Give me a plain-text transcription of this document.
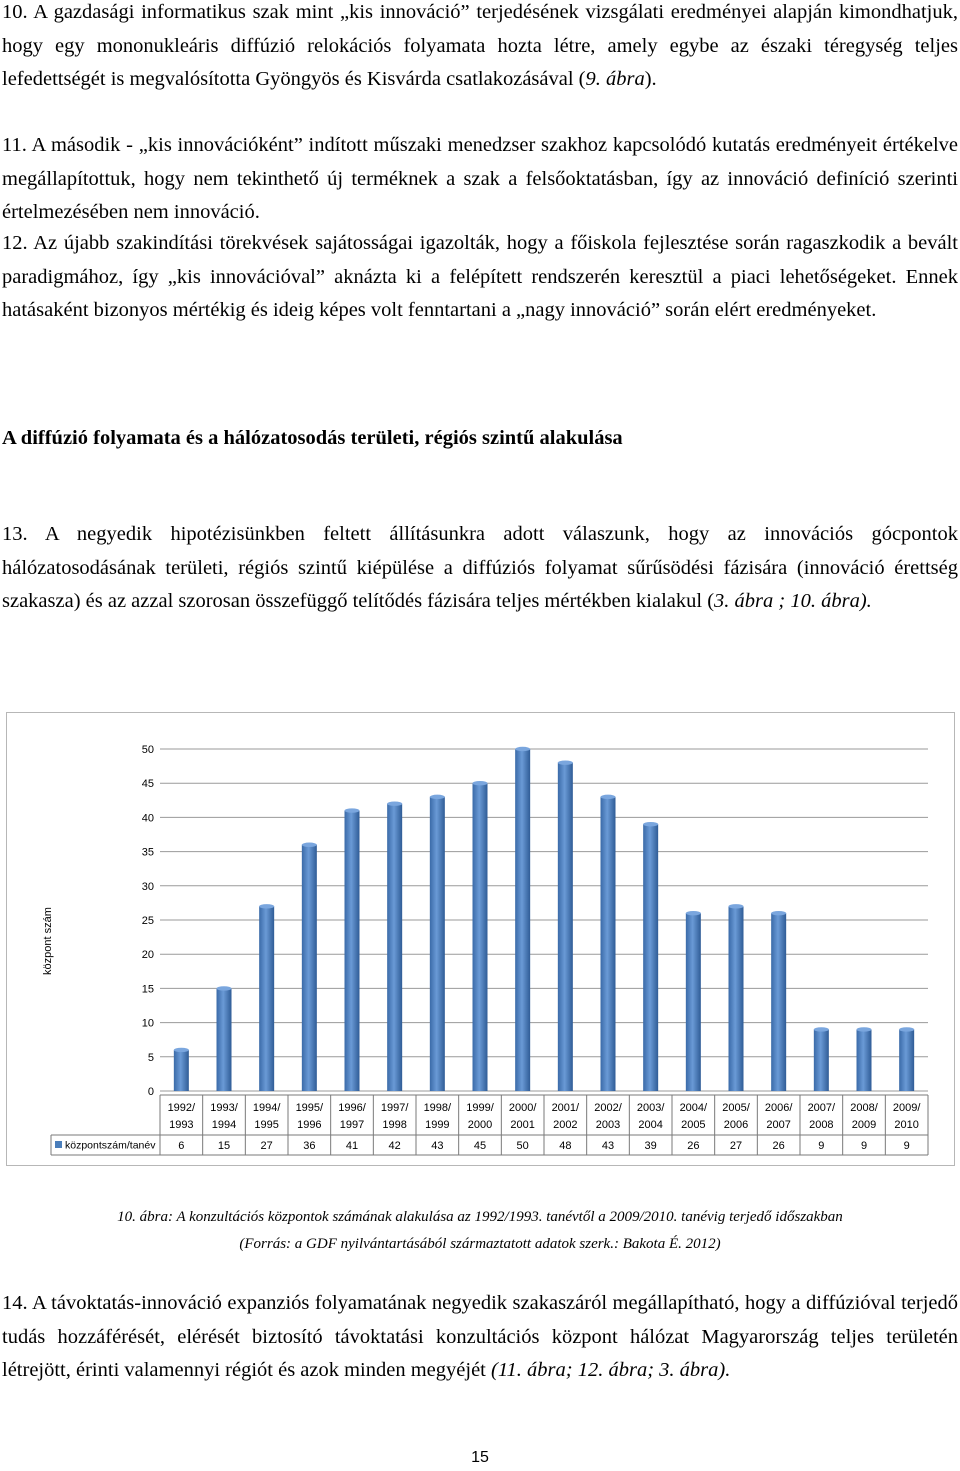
10. A gazdasági informatikus szak mint „kis innováció” terjedésének vizsgálati eredményei alapján kimondhatjuk, hogy egy mononukleáris diffúzió relokációs folyamata hozta létre, amely egybe az északi téregység teljes lefedettségét is megvalósította Gyöngyös és Kisvárda csatlakozásával (9. ábra).

11. A második - „kis innovációként” indított műszaki menedzser szakhoz kapcsolódó kutatás eredményeit értékelve megállapítottuk, hogy nem tekinthető új terméknek a szak a felsőoktatásban, így az innováció definíció szerinti értelmezésében nem innováció.

12. Az újabb szakindítási törekvések sajátosságai igazolták, hogy a főiskola fejlesztése során ragaszkodik a bevált paradigmához, így „kis innovációval” aknázta ki a felépített rendszerén keresztül a piaci lehetőségeket. Ennek hatásaként bizonyos mértékig és ideig képes volt fenntartani a „nagy innováció” során elért eredményeket.

A diffúzió folyamata és a hálózatosodás területi, régiós szintű alakulása

13. A negyedik hipotézisünkben feltett állításunkra adott válaszunk, hogy az innovációs gócpontok hálózatosodásának területi, régiós szintű kiépülése a diffúziós folyamat sűrűsödési fázisára (innováció érettség szakasza) és az azzal szorosan összefüggő telítődés fázisára teljes mértékben kialakul (3. ábra ; 10. ábra).

0
5
10
15
20
25
30
35
40
45
50
központszám/tanév
1992/
1993
6
1993/
1994
15
1994/
1995
27
1995/
1996
36
1996/
1997
41
1997/
1998
42
1998/
1999
43
1999/
2000
45
2000/
2001
50
2001/
2002
48
2002/
2003
43
2003/
2004
39
2004/
2005
26
2005/
2006
27
2006/
2007
26
2007/
2008
9
2008/
2009
9
2009/
2010
9
központ szám

10. ábra: A konzultációs központok számának alakulása az 1992/1993. tanévtől a 2009/2010. tanévig terjedő időszakban

(Forrás: a GDF nyilvántartásából származtatott adatok szerk.: Bakota É. 2012)

14. A távoktatás-innováció expanziós folyamatának negyedik szakaszáról megállapítható, hogy a diffúzióval terjedő tudás hozzáférését, elérését biztosító távoktatási konzultációs központ hálózat Magyarország teljes területén létrejött, érinti valamennyi régiót és azok minden megyéjét (11. ábra; 12. ábra; 3. ábra).

15
